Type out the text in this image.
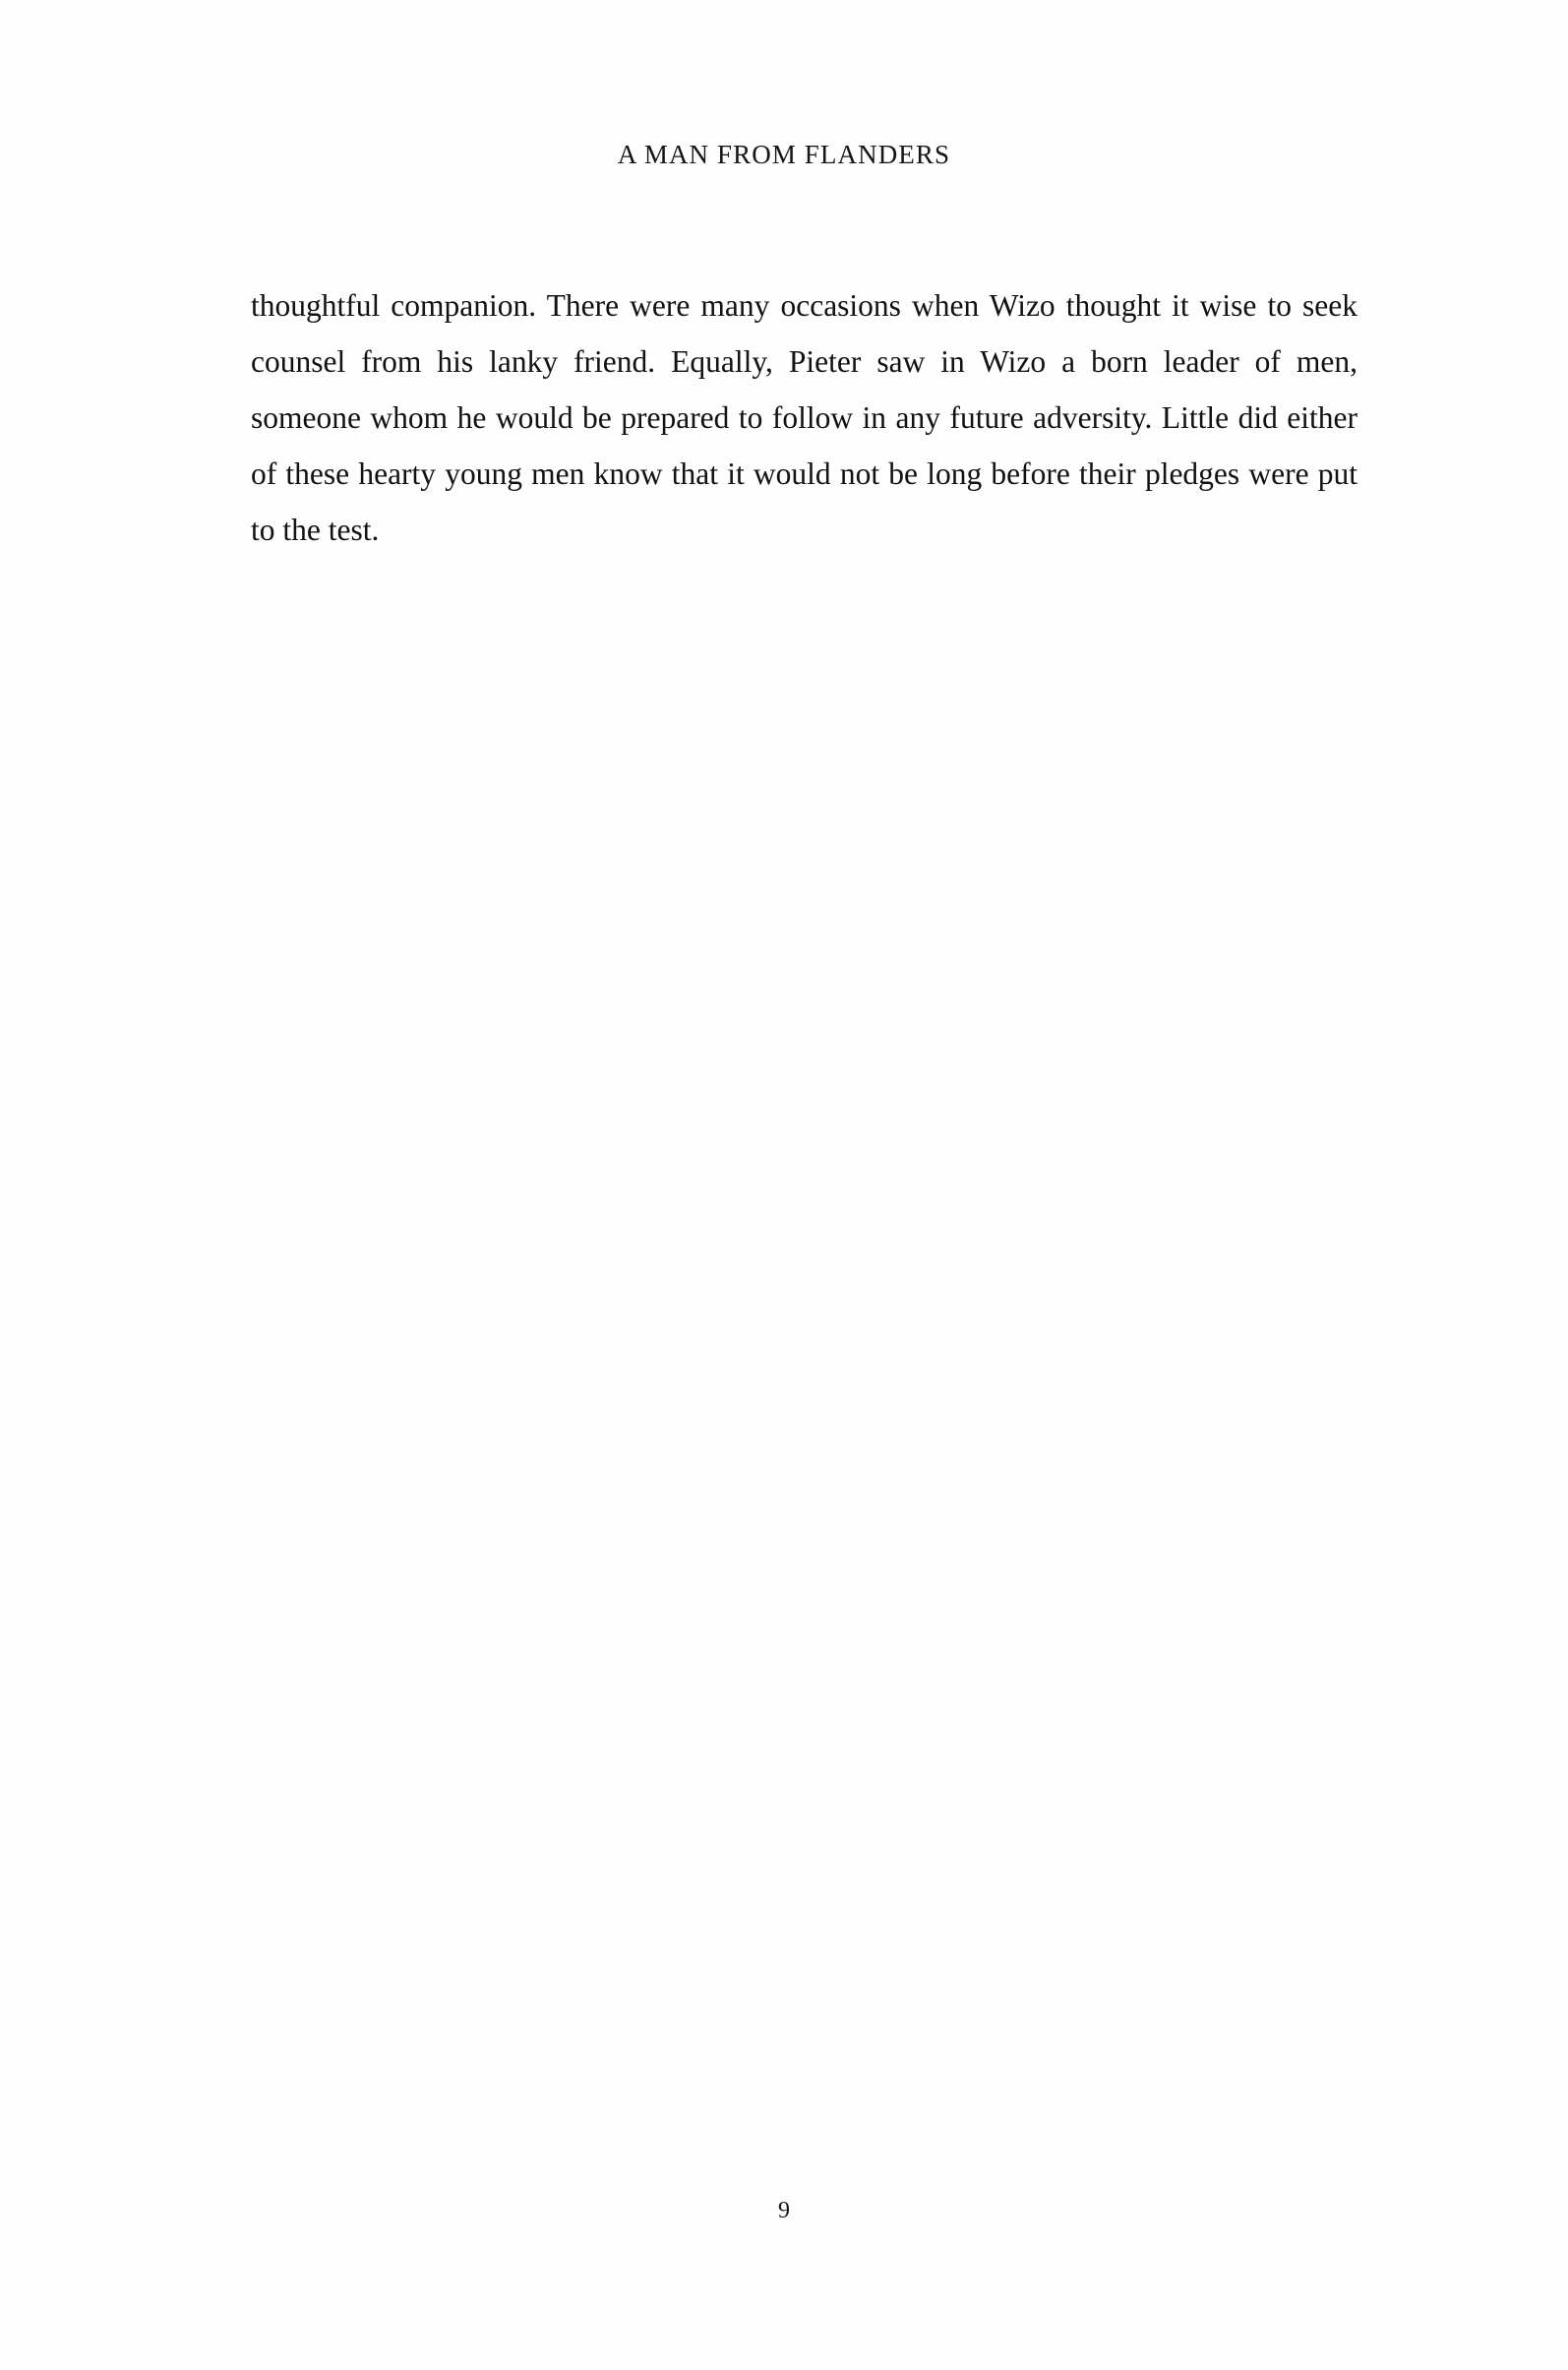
A MAN FROM FLANDERS

thoughtful companion. There were many occasions when Wizo thought it wise to seek counsel from his lanky friend. Equally, Pieter saw in Wizo a born leader of men, someone whom he would be prepared to follow in any future adversity. Little did either of these hearty young men know that it would not be long before their pledges were put to the test.

9
